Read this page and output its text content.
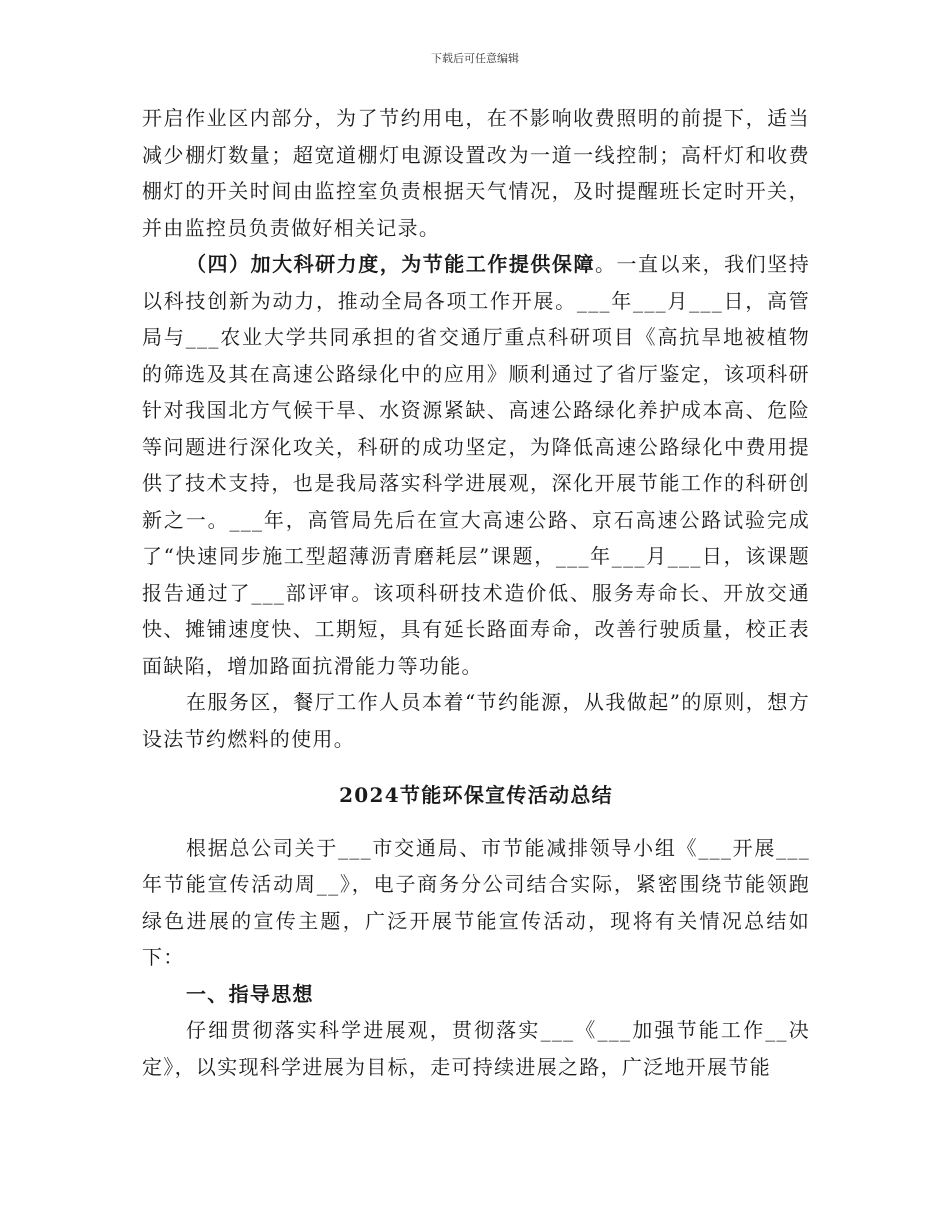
下载后可任意编辑

开启作业区内部分，为了节约用电，在不影响收费照明的前提下，适当减少棚灯数量；超宽道棚灯电源设置改为一道一线控制；高杆灯和收费棚灯的开关时间由监控室负责根据天气情况，及时提醒班长定时开关，并由监控员负责做好相关记录。

（四）加大科研力度，为节能工作提供保障。一直以来，我们坚持以科技创新为动力，推动全局各项工作开展。___年___月___日，高管局与___农业大学共同承担的省交通厅重点科研项目《高抗旱地被植物的筛选及其在高速公路绿化中的应用》顺利通过了省厅鉴定，该项科研针对我国北方气候干旱、水资源紧缺、高速公路绿化养护成本高、危险等问题进行深化攻关，科研的成功坚定，为降低高速公路绿化中费用提供了技术支持，也是我局落实科学进展观，深化开展节能工作的科研创新之一。___年，高管局先后在宣大高速公路、京石高速公路试验完成了“快速同步施工型超薄沥青磨耗层”课题，___年___月___日，该课题报告通过了___部评审。该项科研技术造价低、服务寿命长、开放交通快、摊铺速度快、工期短，具有延长路面寿命，改善行驶质量，校正表面缺陷，增加路面抗滑能力等功能。

在服务区，餐厅工作人员本着“节约能源，从我做起”的原则，想方设法节约燃料的使用。

2024节能环保宣传活动总结

根据总公司关于___市交通局、市节能减排领导小组《___开展___年节能宣传活动周__》，电子商务分公司结合实际，紧密围绕节能领跑绿色进展的宣传主题，广泛开展节能宣传活动，现将有关情况总结如下：

一、指导思想

仔细贯彻落实科学进展观，贯彻落实___《___加强节能工作__决定》，以实现科学进展为目标，走可持续进展之路，广泛地开展节能
